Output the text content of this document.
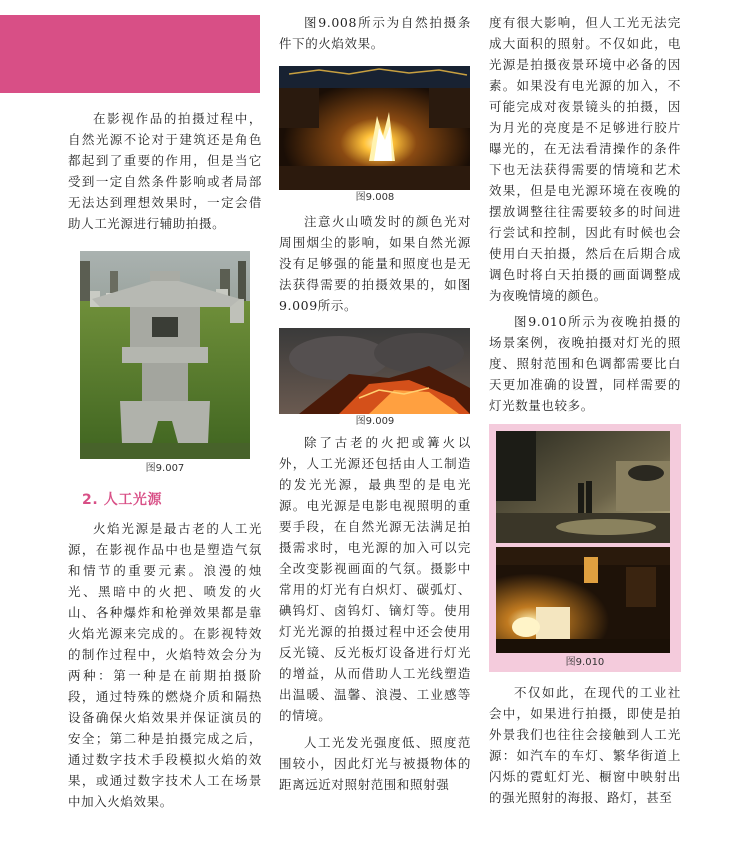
在影视作品的拍摄过程中，自然光源不论对于建筑还是角色都起到了重要的作用，但是当它受到一定自然条件影响或者局部无法达到理想效果时，一定会借助人工光源进行辅助拍摄。

图9.007
2. 人工光源

火焰光源是最古老的人工光源，在影视作品中也是塑造气氛和情节的重要元素。浪漫的烛光、黑暗中的火把、喷发的火山、各种爆炸和枪弹效果都是靠火焰光源来完成的。在影视特效的制作过程中，火焰特效会分为两种：第一种是在前期拍摄阶段，通过特殊的燃烧介质和隔热设备确保火焰效果并保证演员的安全；第二种是拍摄完成之后，通过数字技术手段模拟火焰的效果，或通过数字技术人工在场景中加入火焰效果。

图9.008所示为自然拍摄条件下的火焰效果。

图9.008

注意火山喷发时的颜色光对周围烟尘的影响，如果自然光源没有足够强的能量和照度也是无法获得需要的拍摄效果的，如图9.009所示。

图9.009

除了古老的火把或篝火以外，人工光源还包括由人工制造的发光光源，最典型的是电光源。电光源是电影电视照明的重要手段，在自然光源无法满足拍摄需求时，电光源的加入可以完全改变影视画面的气氛。摄影中常用的灯光有白炽灯、碳弧灯、碘钨灯、卤钨灯、镝灯等。使用灯光光源的拍摄过程中还会使用反光镜、反光板灯设备进行灯光的增益，从而借助人工光线塑造出温暖、温馨、浪漫、工业感等的情境。

人工光发光强度低、照度范围较小，因此灯光与被摄物体的距离远近对照射范围和照射强

度有很大影响，但人工光无法完成大面积的照射。不仅如此，电光源是拍摄夜景环境中必备的因素。如果没有电光源的加入，不可能完成对夜景镜头的拍摄，因为月光的亮度是不足够进行胶片曝光的，在无法看清操作的条件下也无法获得需要的情境和艺术效果，但是电光源环境在夜晚的摆放调整往往需要较多的时间进行尝试和控制，因此有时候也会使用白天拍摄，然后在后期合成调色时将白天拍摄的画面调整成为夜晚情境的颜色。

图9.010所示为夜晚拍摄的场景案例，夜晚拍摄对灯光的照度、照射范围和色调都需要比白天更加准确的设置，同样需要的灯光数量也较多。

图9.010

不仅如此，在现代的工业社会中，如果进行拍摄，即使是拍外景我们也往往会接触到人工光源：如汽车的车灯、繁华街道上闪烁的霓虹灯光、橱窗中映射出的强光照射的海报、路灯，甚至
